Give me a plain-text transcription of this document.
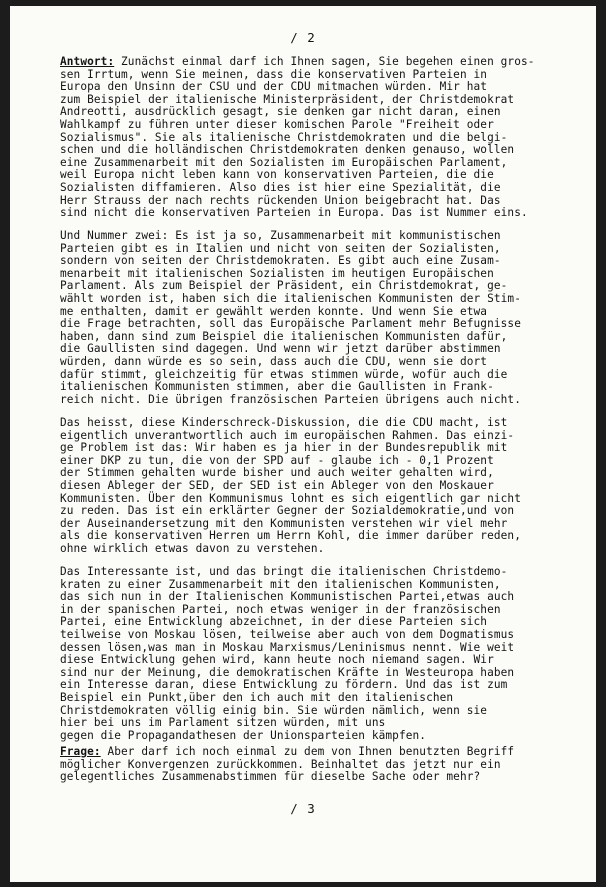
/ 2
Antwort: Zunächst einmal darf ich Ihnen sagen, Sie begehen einen gros-
sen Irrtum, wenn Sie meinen, dass die konservativen Parteien in
Europa den Unsinn der CSU und der CDU mitmachen würden. Mir hat
zum Beispiel der italienische Ministerpräsident, der Christdemokrat
Andreotti, ausdrücklich gesagt, sie denken gar nicht daran, einen
Wahlkampf zu führen unter dieser komischen Parole "Freiheit oder
Sozialismus". Sie als italienische Christdemokraten und die belgi-
schen und die holländischen Christdemokraten denken genauso, wollen
eine Zusammenarbeit mit den Sozialisten im Europäischen Parlament,
weil Europa nicht leben kann von konservativen Parteien, die die
Sozialisten diffamieren. Also dies ist hier eine Spezialität, die
Herr Strauss der nach rechts rückenden Union beigebracht hat. Das
sind nicht die konservativen Parteien in Europa. Das ist Nummer eins.
Und Nummer zwei: Es ist ja so, Zusammenarbeit mit kommunistischen
Parteien gibt es in Italien und nicht von seiten der Sozialisten,
sondern von seiten der Christdemokraten. Es gibt auch eine Zusam-
menarbeit mit italienischen Sozialisten im heutigen Europäischen
Parlament. Als zum Beispiel der Präsident, ein Christdemokrat, ge-
wählt worden ist, haben sich die italienischen Kommunisten der Stim-
me enthalten, damit er gewählt werden konnte. Und wenn Sie etwa
die Frage betrachten, soll das Europäische Parlament mehr Befugnisse
haben, dann sind zum Beispiel die italienischen Kommunisten dafür,
die Gaullisten sind dagegen. Und wenn wir jetzt darüber abstimmen
würden, dann würde es so sein, dass auch die CDU, wenn sie dort
dafür stimmt, gleichzeitig für etwas stimmen würde, wofür auch die
italienischen Kommunisten stimmen, aber die Gaullisten in Frank-
reich nicht. Die übrigen französischen Parteien übrigens auch nicht.
Das heisst, diese Kinderschreck-Diskussion, die die CDU macht, ist
eigentlich unverantwortlich auch im europäischen Rahmen. Das einzi-
ge Problem ist das: Wir haben es ja hier in der Bundesrepublik mit
einer DKP zu tun, die von der SPD auf - glaube ich - 0,1 Prozent
der Stimmen gehalten wurde bisher und auch weiter gehalten wird,
diesen Ableger der SED, der SED ist ein Ableger von den Moskauer
Kommunisten. Über den Kommunismus lohnt es sich eigentlich gar nicht
zu reden. Das ist ein erklärter Gegner der Sozialdemokratie,und von
der Auseinandersetzung mit den Kommunisten verstehen wir viel mehr
als die konservativen Herren um Herrn Kohl, die immer darüber reden,
ohne wirklich etwas davon zu verstehen.
Das Interessante ist, und das bringt die italienischen Christdemo-
kraten zu einer Zusammenarbeit mit den italienischen Kommunisten,
das sich nun in der Italienischen Kommunistischen Partei,etwas auch
in der spanischen Partei, noch etwas weniger in der französischen
Partei, eine Entwicklung abzeichnet, in der diese Parteien sich
teilweise von Moskau lösen, teilweise aber auch von dem Dogmatismus
dessen lösen,was man in Moskau Marxismus/Leninismus nennt. Wie weit
diese Entwicklung gehen wird, kann heute noch niemand sagen. Wir
sind nur der Meinung, die demokratischen Kräfte in Westeuropa haben
ein Interesse daran, diese Entwicklung zu fördern. Und das ist zum
Beispiel ein Punkt,über den ich auch mit den italienischen
Christdemokraten völlig einig bin. Sie würden nämlich, wenn sie
hier bei uns im Parlament sitzen würden, mit uns
gegen die Propagandathesen der Unionsparteien kämpfen.
Frage: Aber darf ich noch einmal zu dem von Ihnen benutzten Begriff
möglicher Konvergenzen zurückkommen. Beinhaltet das jetzt nur ein
gelegentliches Zusammenabstimmen für dieselbe Sache oder mehr?
/ 3
